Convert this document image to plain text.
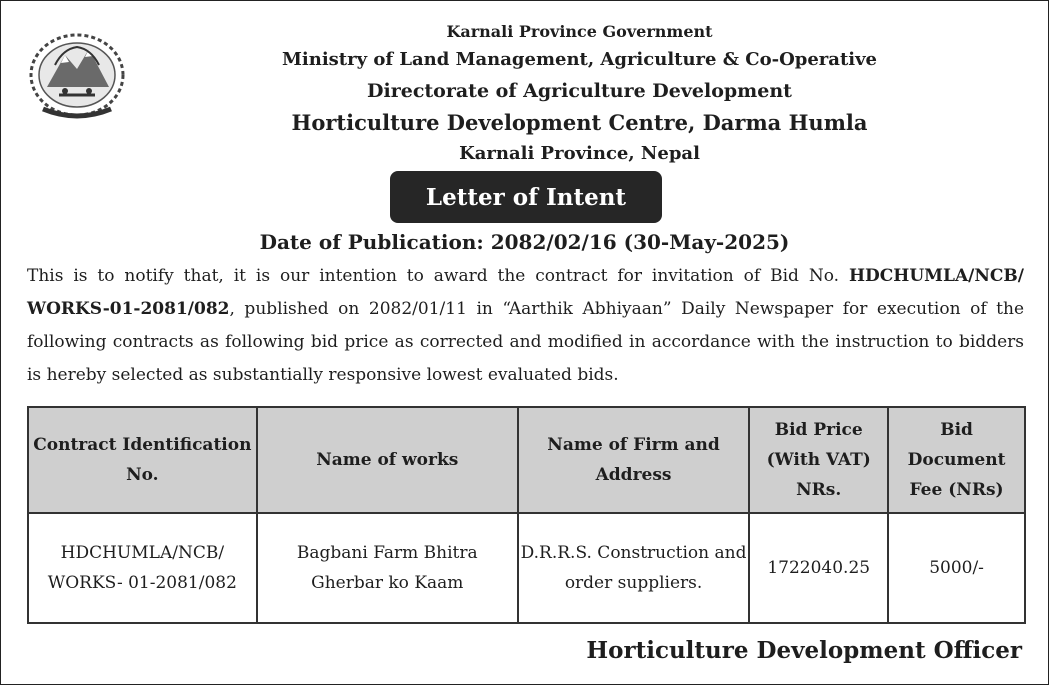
Karnali Province Government
Ministry of Land Management, Agriculture & Co-Operative
Directorate of Agriculture Development
Horticulture Development Centre, Darma Humla
Karnali Province, Nepal
Letter of Intent
Date of Publication: 2082/02/16 (30-May-2025)
This is to notify that, it is our intention to award the contract for invitation of Bid No. HDCHUMLA/NCB/ WORKS-01-2081/082, published on 2082/01/11 in “Aarthik Abhiyaan” Daily Newspaper for execution of the following contracts as following bid price as corrected and modified in accordance with the instruction to bidders is hereby selected as substantially responsive lowest evaluated bids.
Contract Identification No.	Name of works	Name of Firm and Address	Bid Price (With VAT) NRs.	Bid Document Fee (NRs)
HDCHUMLA/NCB/ WORKS- 01-2081/082	Bagbani Farm Bhitra Gherbar ko Kaam	D.R.R.S. Construction and order suppliers.	1722040.25	5000/-
Horticulture Development Officer
